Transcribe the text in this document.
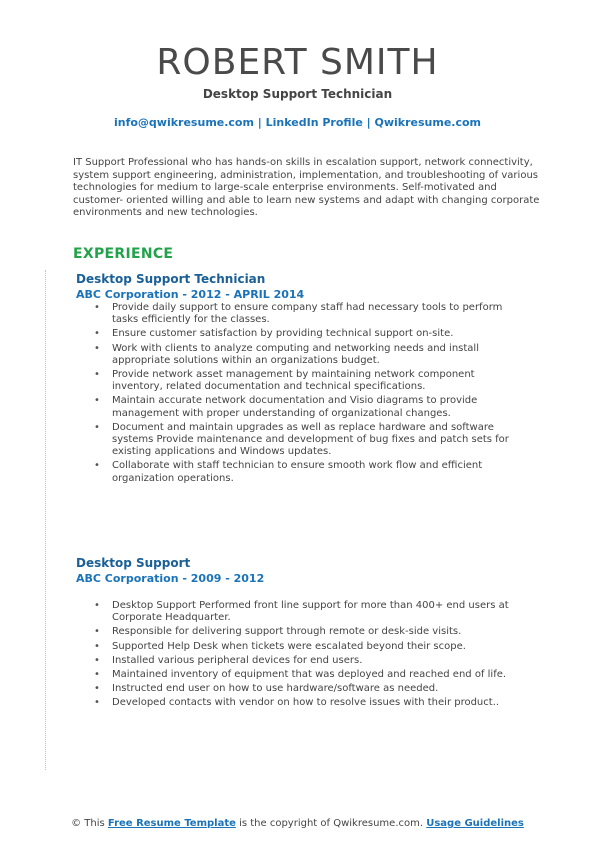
ROBERT SMITH
Desktop Support Technician
info@qwikresume.com | LinkedIn Profile | Qwikresume.com
IT Support Professional who has hands-on skills in escalation support, network connectivity, system support engineering, administration, implementation, and troubleshooting of various technologies for medium to large-scale enterprise environments. Self-motivated and customer- oriented willing and able to learn new systems and adapt with changing corporate environments and new technologies.
EXPERIENCE
Desktop Support Technician
ABC Corporation - 2012 - APRIL 2014
• Provide daily support to ensure company staff had necessary tools to perform tasks efficiently for the classes.
• Ensure customer satisfaction by providing technical support on-site.
• Work with clients to analyze computing and networking needs and install appropriate solutions within an organizations budget.
• Provide network asset management by maintaining network component inventory, related documentation and technical specifications.
• Maintain accurate network documentation and Visio diagrams to provide management with proper understanding of organizational changes.
• Document and maintain upgrades as well as replace hardware and software systems Provide maintenance and development of bug fixes and patch sets for existing applications and Windows updates.
• Collaborate with staff technician to ensure smooth work flow and efficient organization operations.
Desktop Support
ABC Corporation - 2009 - 2012
• Desktop Support Performed front line support for more than 400+ end users at Corporate Headquarter.
• Responsible for delivering support through remote or desk-side visits.
• Supported Help Desk when tickets were escalated beyond their scope.
• Installed various peripheral devices for end users.
• Maintained inventory of equipment that was deployed and reached end of life.
• Instructed end user on how to use hardware/software as needed.
• Developed contacts with vendor on how to resolve issues with their product..
© This Free Resume Template is the copyright of Qwikresume.com. Usage Guidelines
